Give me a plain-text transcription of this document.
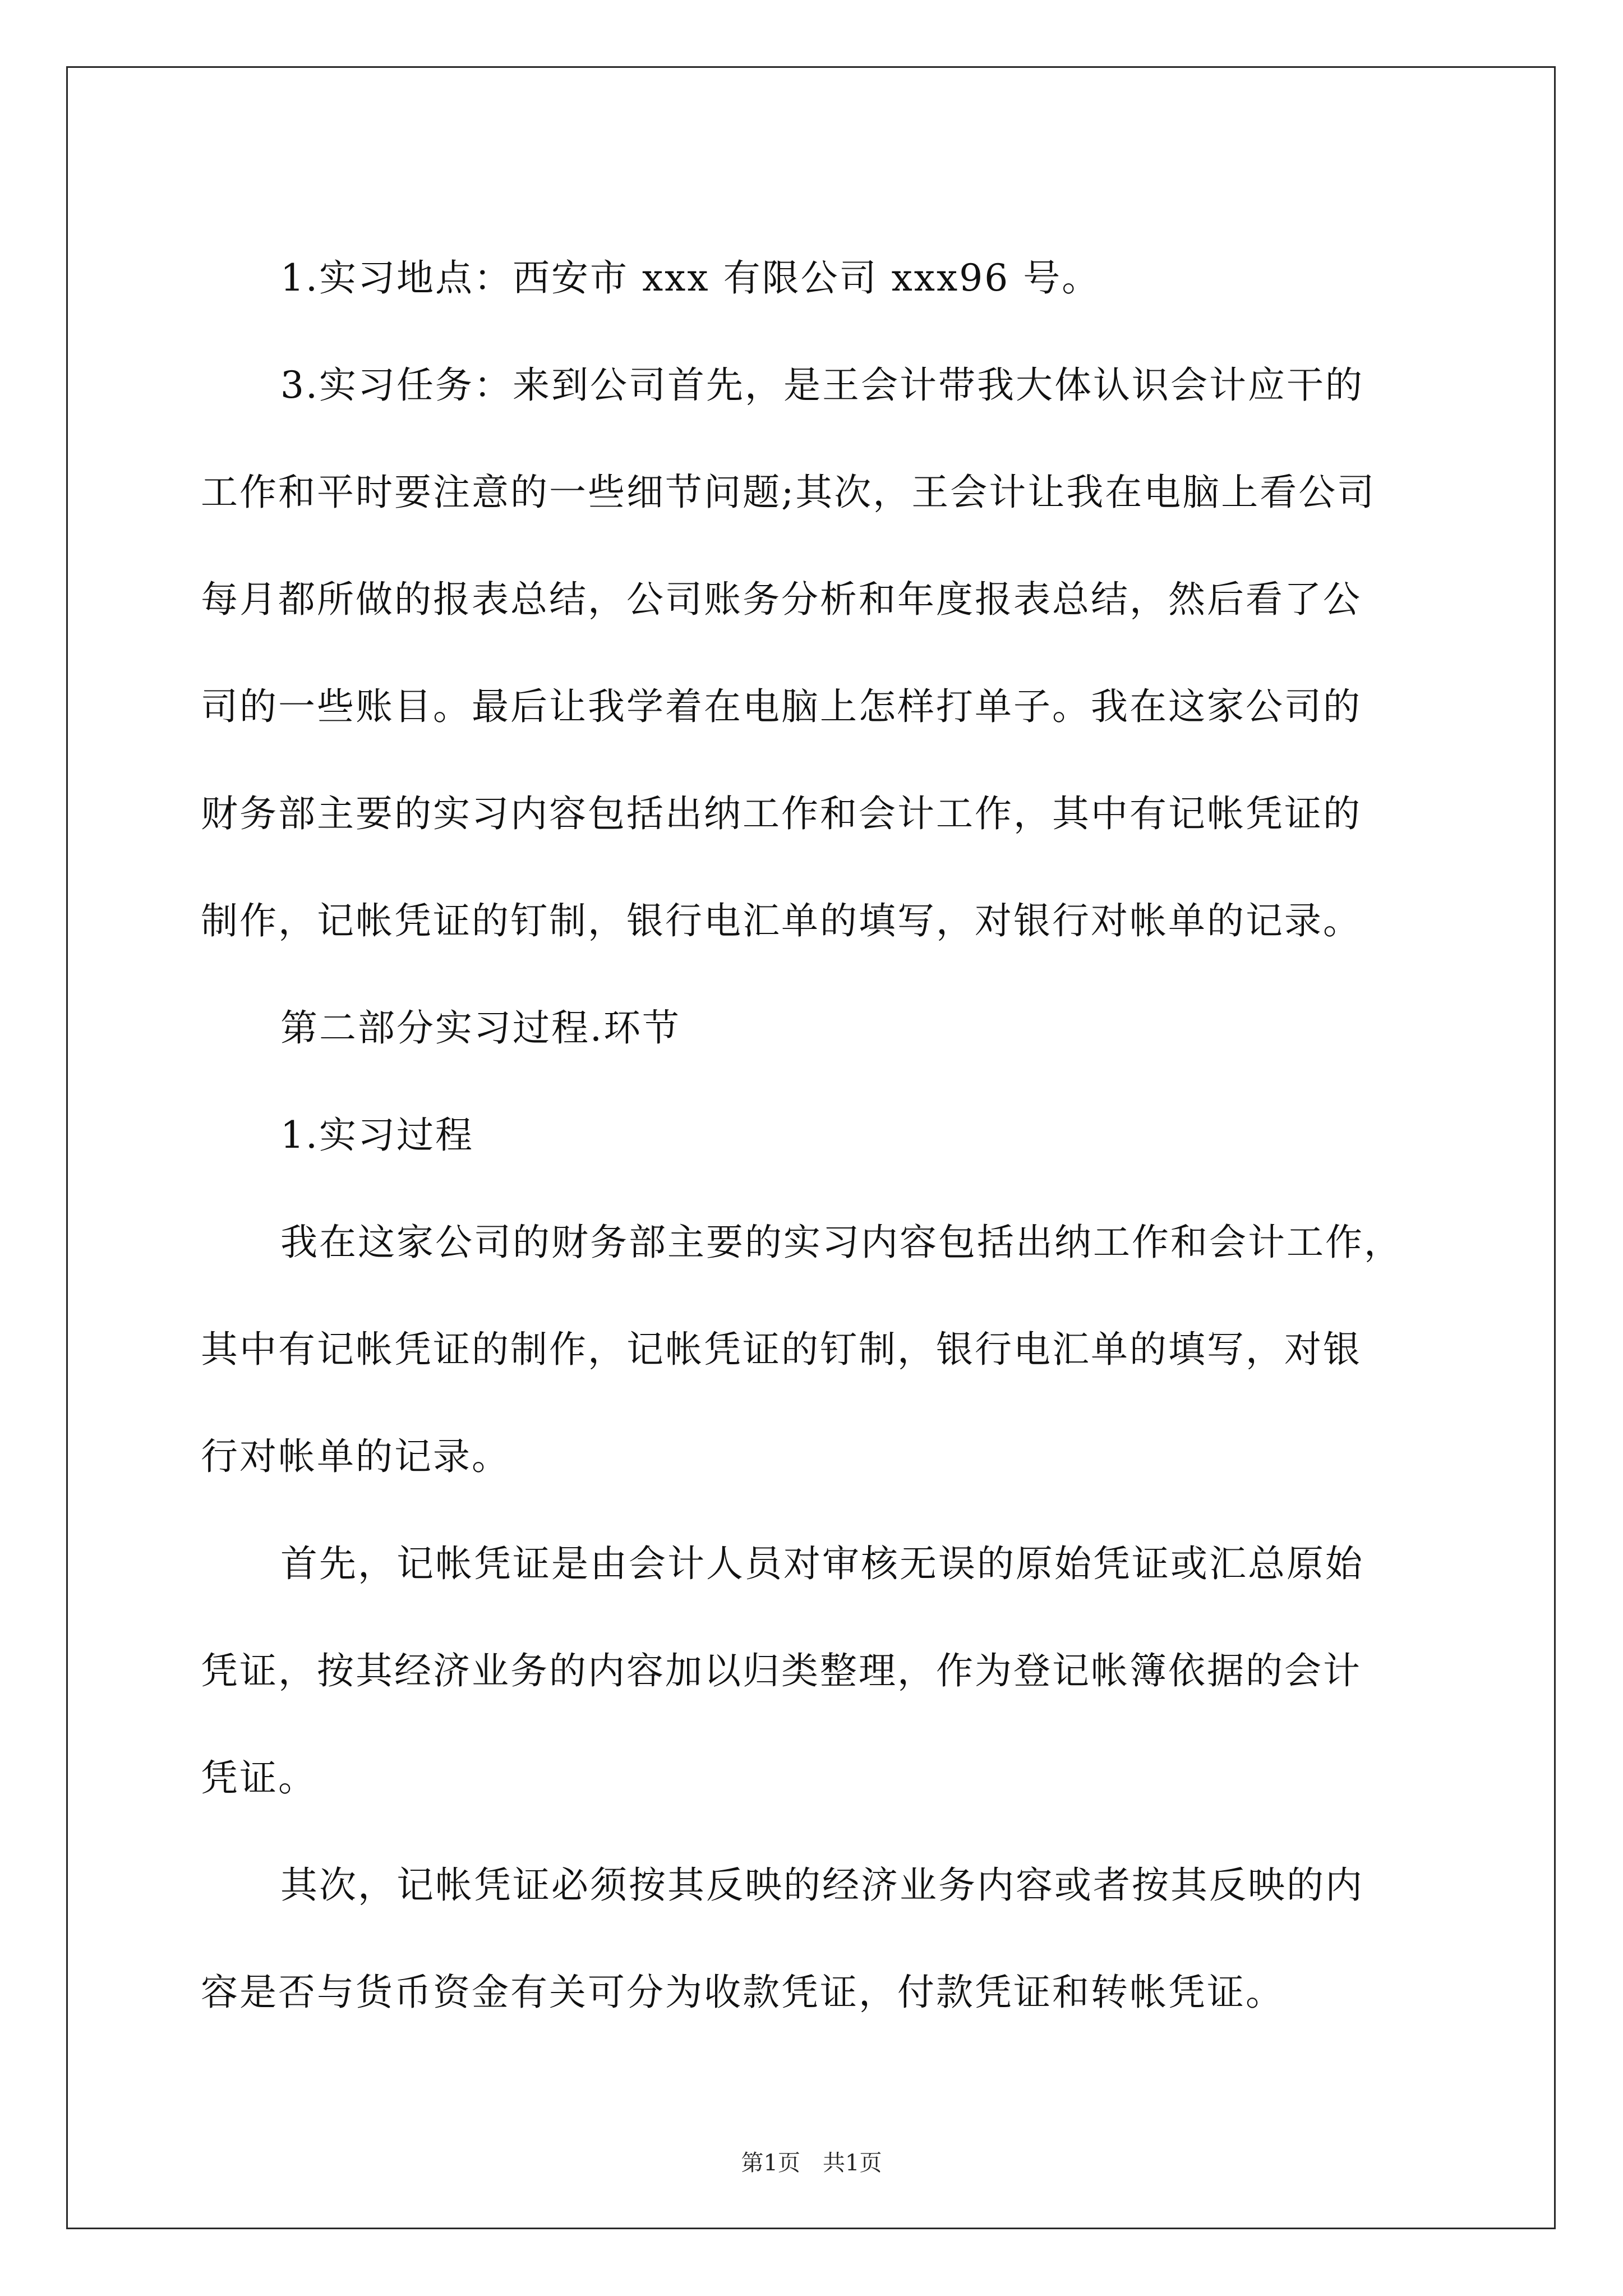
1.实习地点：西安市 xxx 有限公司 xxx96 号。

3.实习任务：来到公司首先，是王会计带我大体认识会计应干的
工作和平时要注意的一些细节问题;其次，王会计让我在电脑上看公司
每月都所做的报表总结，公司账务分析和年度报表总结，然后看了公
司的一些账目。最后让我学着在电脑上怎样打单子。我在这家公司的
财务部主要的实习内容包括出纳工作和会计工作，其中有记帐凭证的
制作，记帐凭证的钉制，银行电汇单的填写，对银行对帐单的记录。

第二部分实习过程.环节

1.实习过程

我在这家公司的财务部主要的实习内容包括出纳工作和会计工作，
其中有记帐凭证的制作，记帐凭证的钉制，银行电汇单的填写，对银
行对帐单的记录。

首先，记帐凭证是由会计人员对审核无误的原始凭证或汇总原始
凭证，按其经济业务的内容加以归类整理，作为登记帐簿依据的会计
凭证。

其次，记帐凭证必须按其反映的经济业务内容或者按其反映的内
容是否与货币资金有关可分为收款凭证，付款凭证和转帐凭证。

第1页 共1页
